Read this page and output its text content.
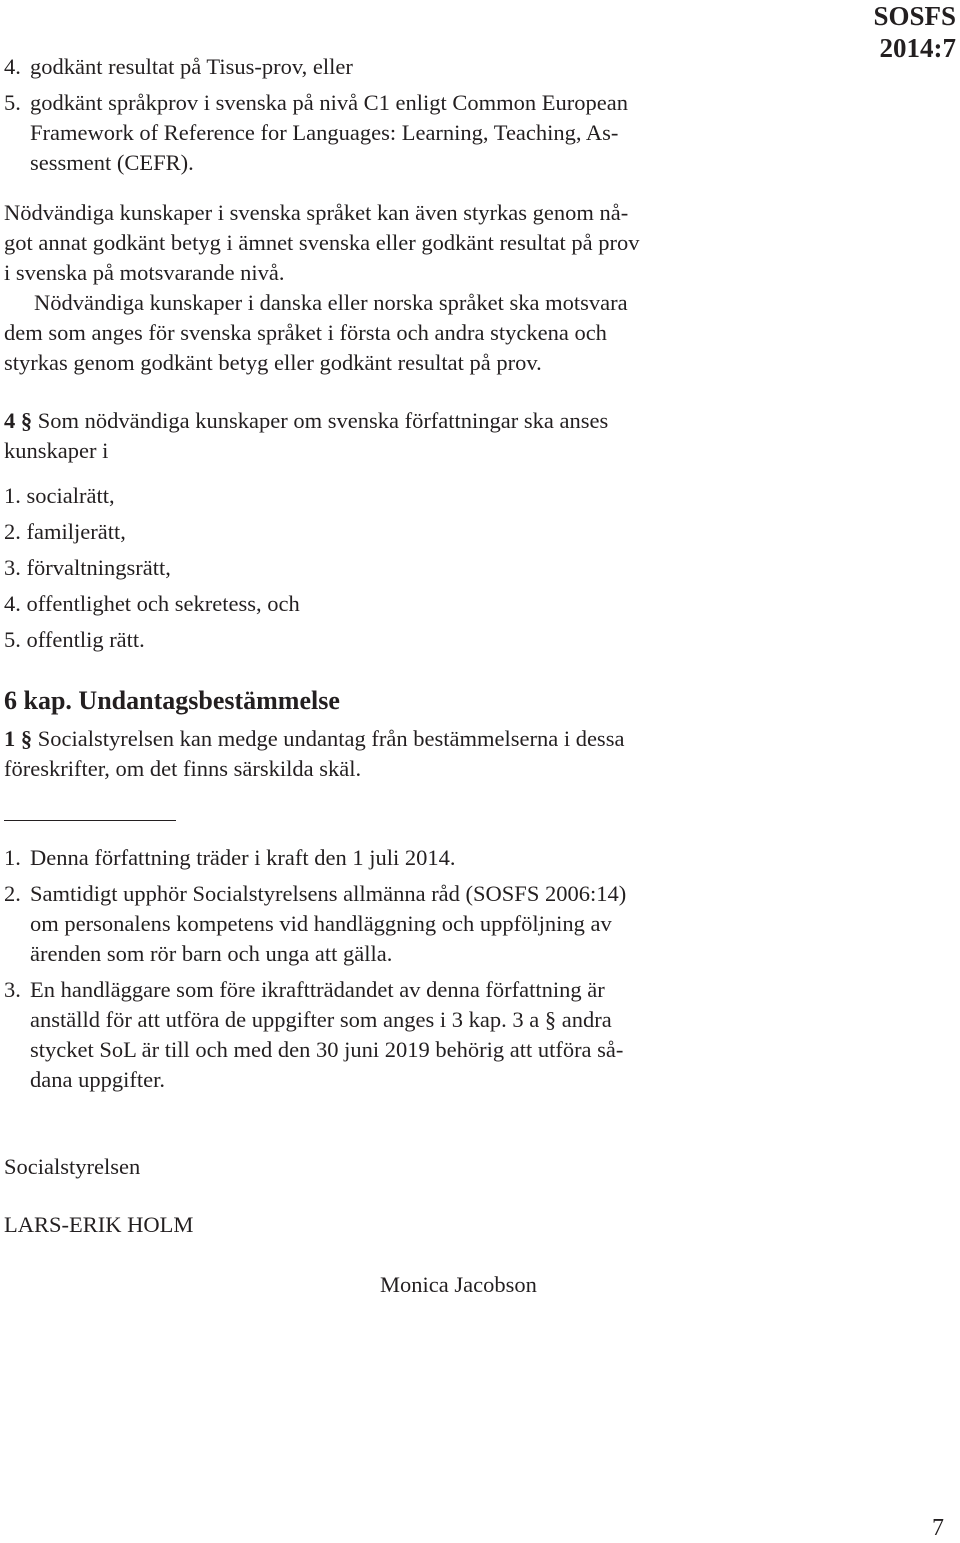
SOSFS
2014:7
4. godkänt resultat på Tisus-prov, eller
5. godkänt språkprov i svenska på nivå C1 enligt Common European
Framework of Reference for Languages: Learning, Teaching, As-
sessment (CEFR).
Nödvändiga kunskaper i svenska språket kan även styrkas genom nå-
got annat godkänt betyg i ämnet svenska eller godkänt resultat på prov
i svenska på motsvarande nivå.
Nödvändiga kunskaper i danska eller norska språket ska motsvara
dem som anges för svenska språket i första och andra styckena och
styrkas genom godkänt betyg eller godkänt resultat på prov.
4 § Som nödvändiga kunskaper om svenska författningar ska anses
kunskaper i
1. socialrätt,
2. familjerätt,
3. förvaltningsrätt,
4. offentlighet och sekretess, och
5. offentlig rätt.
6 kap. Undantagsbestämmelse
1 § Socialstyrelsen kan medge undantag från bestämmelserna i dessa
föreskrifter, om det finns särskilda skäl.
1. Denna författning träder i kraft den 1 juli 2014.
2. Samtidigt upphör Socialstyrelsens allmänna råd (SOSFS 2006:14)
om personalens kompetens vid handläggning och uppföljning av
ärenden som rör barn och unga att gälla.
3. En handläggare som före ikraftträdandet av denna författning är
anställd för att utföra de uppgifter som anges i 3 kap. 3 a § andra
stycket SoL är till och med den 30 juni 2019 behörig att utföra så-
dana uppgifter.
Socialstyrelsen
LARS-ERIK HOLM
Monica Jacobson
7
